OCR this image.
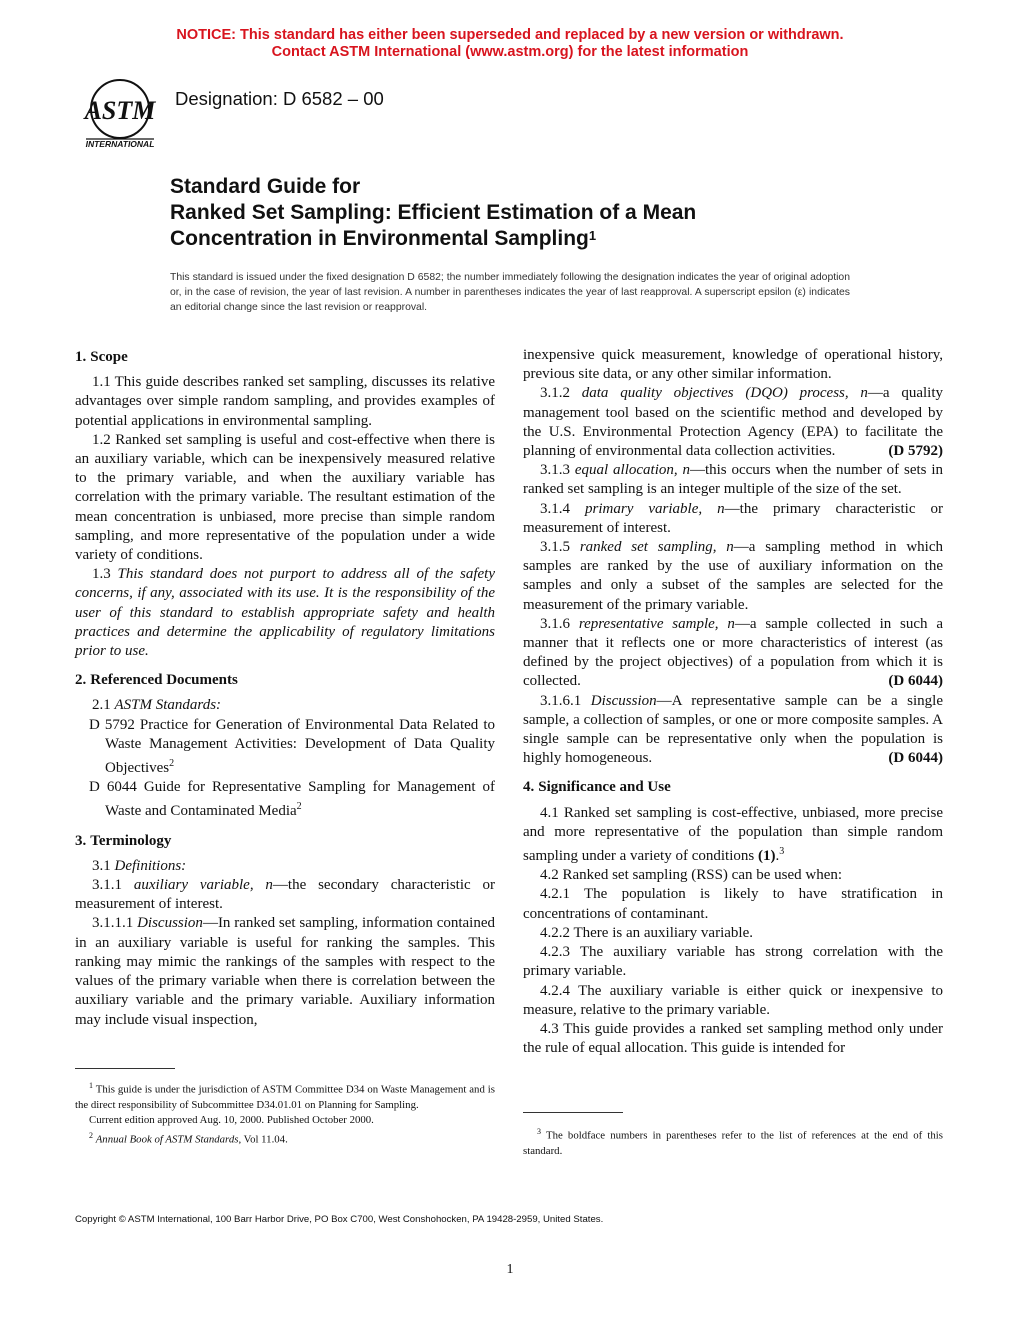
NOTICE: This standard has either been superseded and replaced by a new version or withdrawn.
Contact ASTM International (www.astm.org) for the latest information
ASTM
INTERNATIONAL
Designation: D 6582 – 00
Standard Guide for
Ranked Set Sampling: Efficient Estimation of a Mean
Concentration in Environmental Sampling$^1$
This standard is issued under the fixed designation D 6582; the number immediately following the designation indicates the year of original adoption or, in the case of revision, the year of last revision. A number in parentheses indicates the year of last reapproval. A superscript epsilon (ε) indicates an editorial change since the last revision or reapproval.
1. Scope

1.1 This guide describes ranked set sampling, discusses its relative advantages over simple random sampling, and provides examples of potential applications in environmental sampling.

1.2 Ranked set sampling is useful and cost-effective when there is an auxiliary variable, which can be inexpensively measured relative to the primary variable, and when the auxiliary variable has correlation with the primary variable. The resultant estimation of the mean concentration is unbiased, more precise than simple random sampling, and more representative of the population under a wide variety of conditions.

1.3 This standard does not purport to address all of the safety concerns, if any, associated with its use. It is the responsibility of the user of this standard to establish appropriate safety and health practices and determine the applicability of regulatory limitations prior to use.

2. Referenced Documents

2.1 ASTM Standards:

D 5792 Practice for Generation of Environmental Data Related to Waste Management Activities: Development of Data Quality Objectives$^2$

D 6044 Guide for Representative Sampling for Management of Waste and Contaminated Media$^2$

3. Terminology

3.1 Definitions:

3.1.1 auxiliary variable, n—the secondary characteristic or measurement of interest.

3.1.1.1 Discussion—In ranked set sampling, information contained in an auxiliary variable is useful for ranking the samples. This ranking may mimic the rankings of the samples with respect to the values of the primary variable when there is correlation between the auxiliary variable and the primary variable. Auxiliary information may include visual inspection,

$^1$ This guide is under the jurisdiction of ASTM Committee D34 on Waste Management and is the direct responsibility of Subcommittee D34.01.01 on Planning for Sampling.

Current edition approved Aug. 10, 2000. Published October 2000.

$^2$ Annual Book of ASTM Standards, Vol 11.04.

inexpensive quick measurement, knowledge of operational history, previous site data, or any other similar information.

3.1.2 data quality objectives (DQO) process, n—a quality management tool based on the scientific method and developed by the U.S. Environmental Protection Agency (EPA) to facilitate the planning of environmental data collection activities.	(D 5792)

3.1.3 equal allocation, n—this occurs when the number of sets in ranked set sampling is an integer multiple of the size of the set.

3.1.4 primary variable, n—the primary characteristic or measurement of interest.

3.1.5 ranked set sampling, n—a sampling method in which samples are ranked by the use of auxiliary information on the samples and only a subset of the samples are selected for the measurement of the primary variable.

3.1.6 representative sample, n—a sample collected in such a manner that it reflects one or more characteristics of interest (as defined by the project objectives) of a population from which it is collected.	(D 6044)

3.1.6.1 Discussion—A representative sample can be a single sample, a collection of samples, or one or more composite samples. A single sample can be representative only when the population is highly homogeneous.	(D 6044)

4. Significance and Use

4.1 Ranked set sampling is cost-effective, unbiased, more precise and more representative of the population than simple random sampling under a variety of conditions (1).$^3$

4.2 Ranked set sampling (RSS) can be used when:

4.2.1 The population is likely to have stratification in concentrations of contaminant.

4.2.2 There is an auxiliary variable.

4.2.3 The auxiliary variable has strong correlation with the primary variable.

4.2.4 The auxiliary variable is either quick or inexpensive to measure, relative to the primary variable.

4.3 This guide provides a ranked set sampling method only under the rule of equal allocation. This guide is intended for

$^3$ The boldface numbers in parentheses refer to the list of references at the end of this standard.

Copyright © ASTM International, 100 Barr Harbor Drive, PO Box C700, West Conshohocken, PA 19428-2959, United States.
1
